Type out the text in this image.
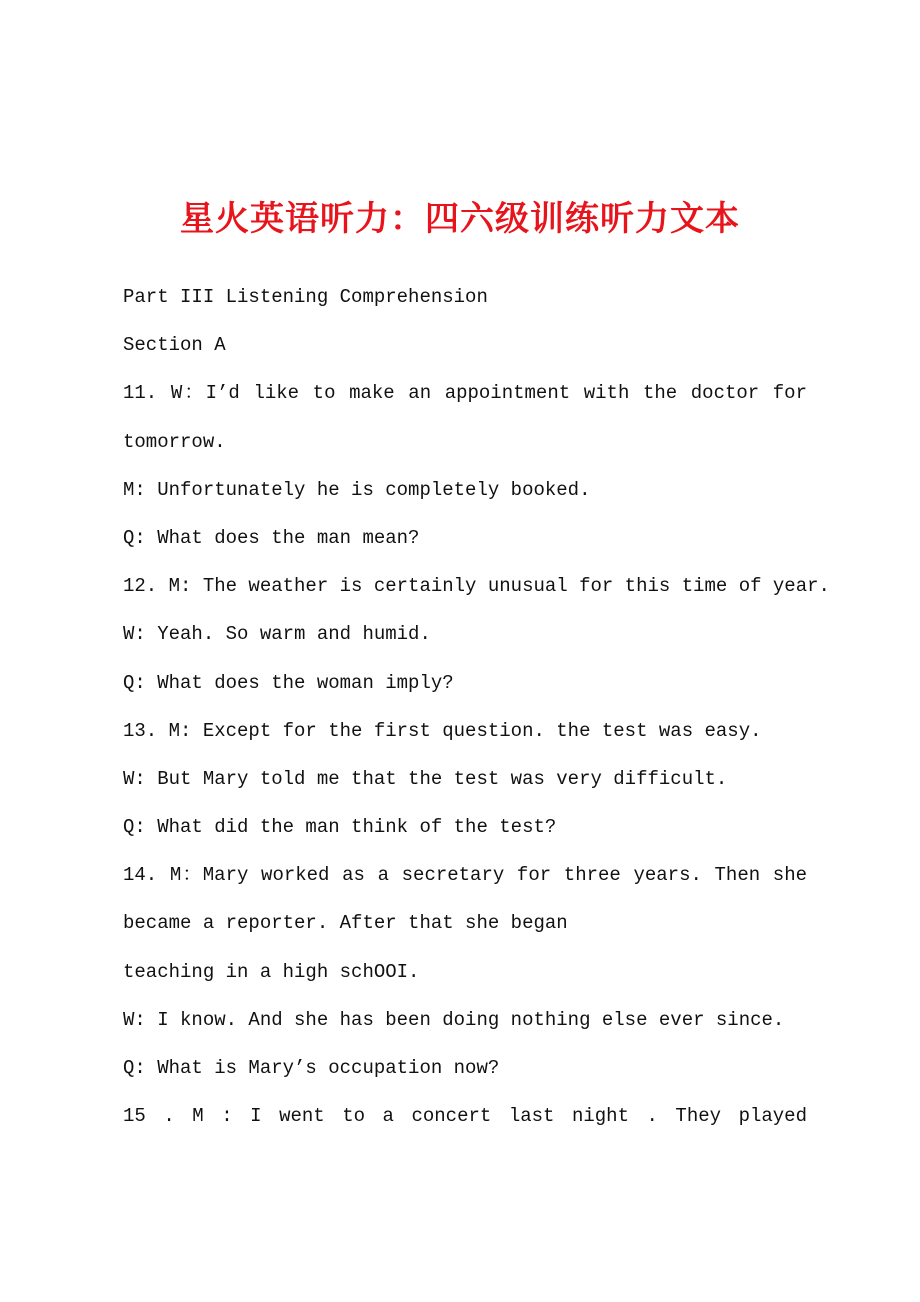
星火英语听力：四六级训练听力文本
Part III Listening Comprehension
Section A
11. W：I’d like to make an appointment with the doctor for
tomorrow.
M: Unfortunately he is completely booked.
Q: What does the man mean?
12. M: The weather is certainly unusual for this time of year.
W: Yeah. So warm and humid.
Q: What does the woman imply?
13. M: Except for the first question. the test was easy.
W: But Mary told me that the test was very difficult.
Q: What did the man think of the test?
14. M：Mary worked as a secretary for three years. Then she
became a reporter. After that she began
teaching in a high schOOI.
W: I know. And she has been doing nothing else ever since.
Q: What is Mary’s occupation now?
15 . M : I went to a concert last night . They played
